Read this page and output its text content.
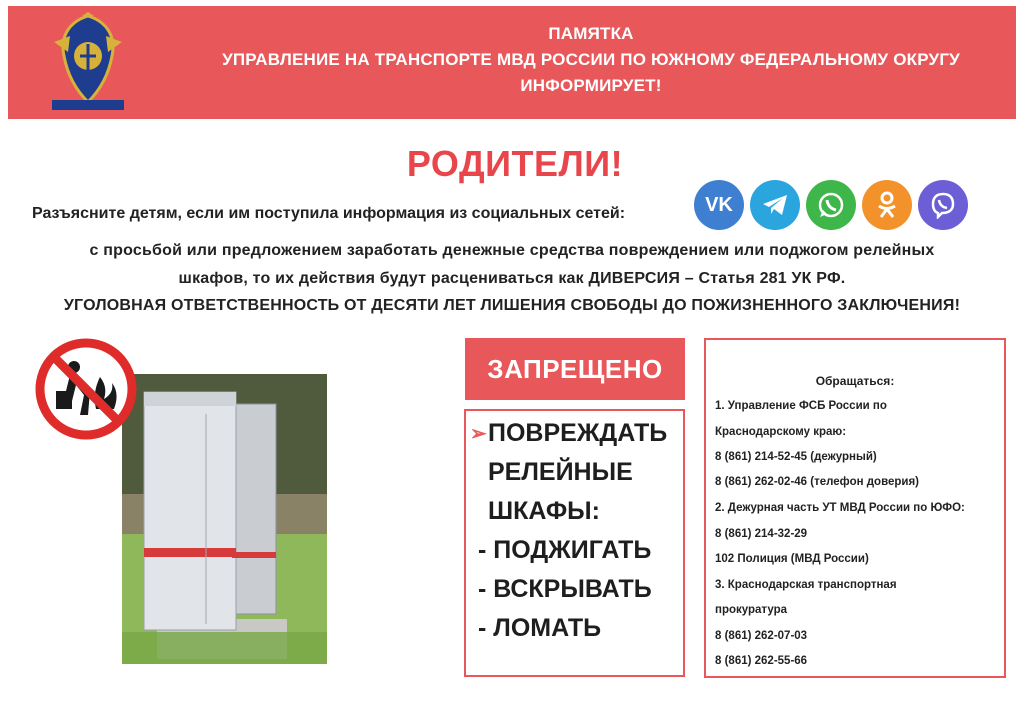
ПАМЯТКА
УПРАВЛЕНИЕ НА ТРАНСПОРТЕ МВД РОССИИ ПО ЮЖНОМУ ФЕДЕРАЛЬНОМУ ОКРУГУ
ИНФОРМИРУЕТ!
РОДИТЕЛИ!
Разъясните детям, если им поступила информация из социальных сетей:	VK
с просьбой или предложением заработать денежные средства повреждением или поджогом релейных
шкафов, то их действия будут расцениваться как ДИВЕРСИЯ – Статья 281 УК РФ.
УГОЛОВНАЯ ОТВЕТСТВЕННОСТЬ ОТ ДЕСЯТИ ЛЕТ ЛИШЕНИЯ СВОБОДЫ ДО ПОЖИЗНЕННОГО ЗАКЛЮЧЕНИЯ!
ЗАПРЕЩЕНО
➢ ПОВРЕЖДАТЬ
РЕЛЕЙНЫЕ
ШКАФЫ:
- ПОДЖИГАТЬ
- ВСКРЫВАТЬ
- ЛОМАТЬ
Обращаться:
1. Управление ФСБ России по
Краснодарскому краю:
8 (861) 214-52-45 (дежурный)
8 (861) 262-02-46 (телефон доверия)
2. Дежурная часть УТ МВД России по ЮФО:
8 (861) 214-32-29
102 Полиция (МВД России)
3. Краснодарская транспортная
прокуратура
8 (861) 262-07-03
8 (861) 262-55-66
